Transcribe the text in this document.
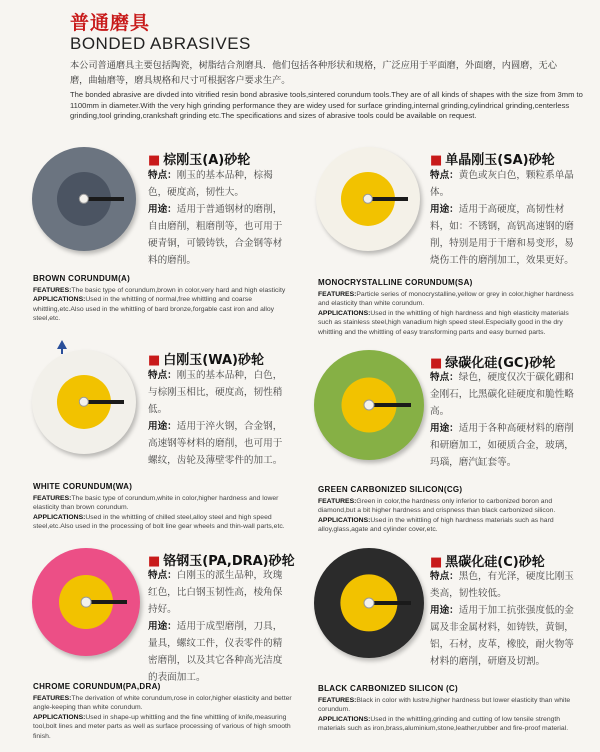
普通磨具
BONDED ABRASIVES
本公司普通磨具主要包括陶瓷，树脂结合剂磨具．他们包括各种形状和规格，广泛应用于平面磨，外面磨，内圆磨，无心磨，曲轴磨等，磨具规格和尺寸可根据客户要求生产。
The bonded abrasive are divded into vitrified resin bond abrasive tools,sintered corundum tools.They are of all kinds of shapes with the size from 3mm to 1100mm in diameter.With the very high grinding performance they are widey used for surface grinding,internal grinding,cylindrical grinding,centerless grinding,tool grinding,crankshaft grinding etc.The specifications and sizes of abrasive tools could be available on request.
■ 棕刚玉(A)砂轮
特点：刚玉的基本品种，棕褐色，硬度高，韧性大。
用途：适用于普通钢材的磨削，自由磨削，粗磨削等，也可用于硬青铜，可锻铸铁，合金钢等材料的磨削。
BROWN CORUNDUM(A)
FEATURES:The basic type of corundum,brown in color,very hard and high elasticity
APPLICATIONS:Used in the whittling of normal,free whittling and coarse whittling,etc.Also used in the whittling of bard bronze,forgable cast iron and alloy steel,etc.
■ 单晶刚玉(SA)砂轮
特点：黄色或灰白色，颗粒系单晶体。
用途：适用于高硬度，高韧性材料，如：不锈钢，高钒高速钢的磨削，特别是用于干磨和易变形，易烧伤工件的磨削加工，效果更好。
MONOCRYSTALLINE CORUNDUM(SA)
FEATURES:Particle series of monocrystalline,yellow or grey in color,higher hardness and elasticity than white corundum.
APPLICATIONS:Used in the whittling of high hardness and high elasticity materials such as stainless steel,high vanadium high speed steel.Especially good in the dry whittling and the whittling of easy transforming parts and easy burned parts.
■ 白刚玉(WA)砂轮
特点：刚玉的基本品种，白色，与棕刚玉相比，硬度高，韧性稍低。
用途：适用于淬火钢，合金钢，高速钢等材料的磨削，也可用于螺纹，齿轮及薄壁零件的加工。
WHITE CORUNDUM(WA)
FEATURES:The basic type of corundum,white in color,higher hardness and lower elasticity than brown corundum.
APPLICATIONS:Used in the whittling of chilled steel,alloy steel and high speed steel,etc.Also used in the processing of bolt line gear wheels and thin-wall parts,etc.
■ 绿碳化硅(GC)砂轮
特点：绿色，硬度仅次于碳化硼和金刚石，比黑碳化硅硬度和脆性略高。
用途：适用于各种高硬材料的磨削和研磨加工，如硬质合金，玻璃，玛瑙，磨汽缸套等。
GREEN CARBONIZED SILICON(CG)
FEATURES:Green in color,the hardness only inferior to carbonized boron and diamond,but a bit higher hardness and crispness than black carbonized silicon.
APPLICATIONS:Used in the whittling of high hardness materials such as hard alloy,glass,agate and cylinder cover,etc.
■ 铬钢玉(PA,DRA)砂轮
特点：白刚玉的派生品种，玫瑰红色，比白钢玉韧性高，棱角保持好。
用途：适用于成型磨削，刀具，量具，螺纹工件，仪表零件的精密磨削，以及其它各种高光洁度的表面加工。
CHROME CORUNDUM(PA,DRA)
FEATURES:The derivation of white corundum,rose in color,higher elasticity and better angle-keeping than white corundum.
APPLICATIONS:Used in shape-up whittling and the fine whittling of knife,measuring tool,bolt lines and meter parts as well as surface processing of various of high smooth finish.
■ 黑碳化硅(C)砂轮
特点：黑色，有光泽，硬度比刚玉类高，韧性较低。
用途：适用于加工抗张强度低的金属及非金属材料，如铸铁，黄铜，铝，石材，皮革，橡胶，耐火物等材料的磨削，研磨及切割。
BLACK CARBONIZED SILICON (C)
FEATURES:Black in color with lustre,higher hardness but lower elasticity than white corundum.
APPLICATIONS:Used in the whittling,grinding and cutting of low tensile strength materials such as iron,brass,aluminium,stone,leather,rubber and fire-proof material.
